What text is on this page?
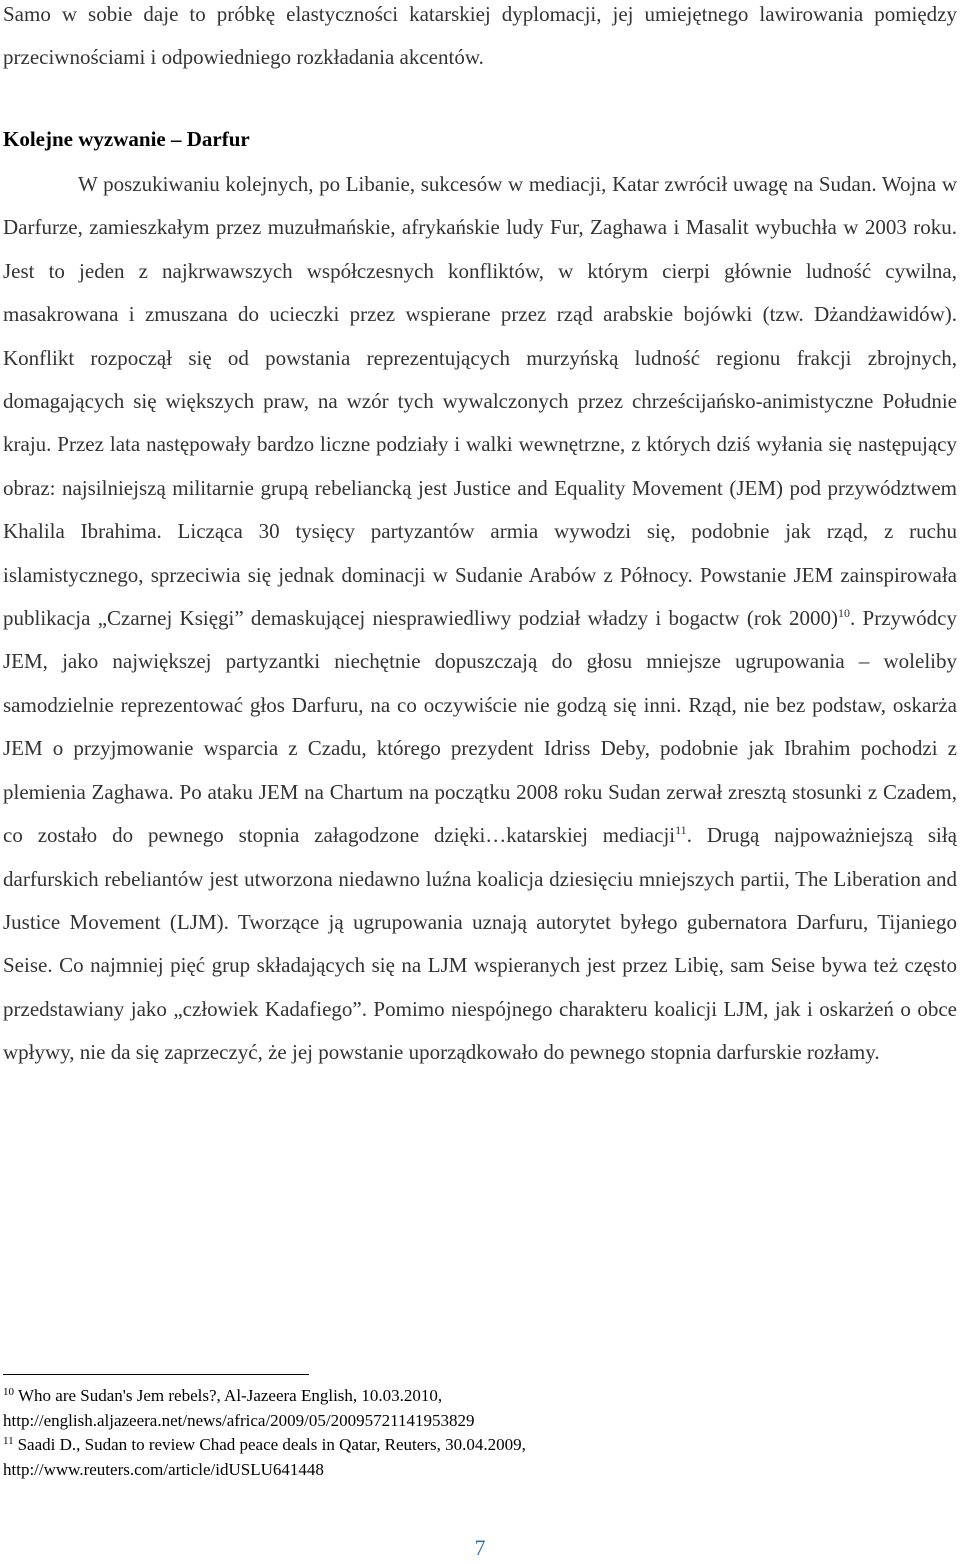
Samo w sobie daje to próbkę elastyczności katarskiej dyplomacji, jej umiejętnego lawirowania pomiędzy przeciwnościami i odpowiedniego rozkładania akcentów.

Kolejne wyzwanie – Darfur

W poszukiwaniu kolejnych, po Libanie, sukcesów w mediacji, Katar zwrócił uwagę na Sudan. Wojna w Darfurze, zamieszkałym przez muzułmańskie, afrykańskie ludy Fur, Zaghawa i Masalit wybuchła w 2003 roku. Jest to jeden z najkrwawszych współczesnych konfliktów, w którym cierpi głównie ludność cywilna, masakrowana i zmuszana do ucieczki przez wspierane przez rząd arabskie bojówki (tzw. Dżandżawidów). Konflikt rozpoczął się od powstania reprezentujących murzyńską ludność regionu frakcji zbrojnych, domagających się większych praw, na wzór tych wywalczonych przez chrześcijańsko-animistyczne Południe kraju. Przez lata następowały bardzo liczne podziały i walki wewnętrzne, z których dziś wyłania się następujący obraz: najsilniejszą militarnie grupą rebeliancką jest Justice and Equality Movement (JEM) pod przywództwem Khalila Ibrahima. Licząca 30 tysięcy partyzantów armia wywodzi się, podobnie jak rząd, z ruchu islamistycznego, sprzeciwia się jednak dominacji w Sudanie Arabów z Północy. Powstanie JEM zainspirowała publikacja „Czarnej Księgi” demaskującej niesprawiedliwy podział władzy i bogactw (rok 2000)$^{10}$. Przywódcy JEM, jako największej partyzantki niechętnie dopuszczają do głosu mniejsze ugrupowania – woleliby samodzielnie reprezentować głos Darfuru, na co oczywiście nie godzą się inni. Rząd, nie bez podstaw, oskarża JEM o przyjmowanie wsparcia z Czadu, którego prezydent Idriss Deby, podobnie jak Ibrahim pochodzi z plemienia Zaghawa. Po ataku JEM na Chartum na początku 2008 roku Sudan zerwał zresztą stosunki z Czadem, co zostało do pewnego stopnia załagodzone dzięki…katarskiej mediacji$^{11}$. Drugą najpoważniejszą siłą darfurskich rebeliantów jest utworzona niedawno luźna koalicja dziesięciu mniejszych partii, The Liberation and Justice Movement (LJM). Tworzące ją ugrupowania uznają autorytet byłego gubernatora Darfuru, Tijaniego Seise. Co najmniej pięć grup składających się na LJM wspieranych jest przez Libię, sam Seise bywa też często przedstawiany jako „człowiek Kadafiego”. Pomimo niespójnego charakteru koalicji LJM, jak i oskarżeń o obce wpływy, nie da się zaprzeczyć, że jej powstanie uporządkowało do pewnego stopnia darfurskie rozłamy.

$^{10}$ Who are Sudan's Jem rebels?, Al-Jazeera English, 10.03.2010,
http://english.aljazeera.net/news/africa/2009/05/20095721141953829

$^{11}$ Saadi D., Sudan to review Chad peace deals in Qatar, Reuters, 30.04.2009,
http://www.reuters.com/article/idUSLU641448

7
